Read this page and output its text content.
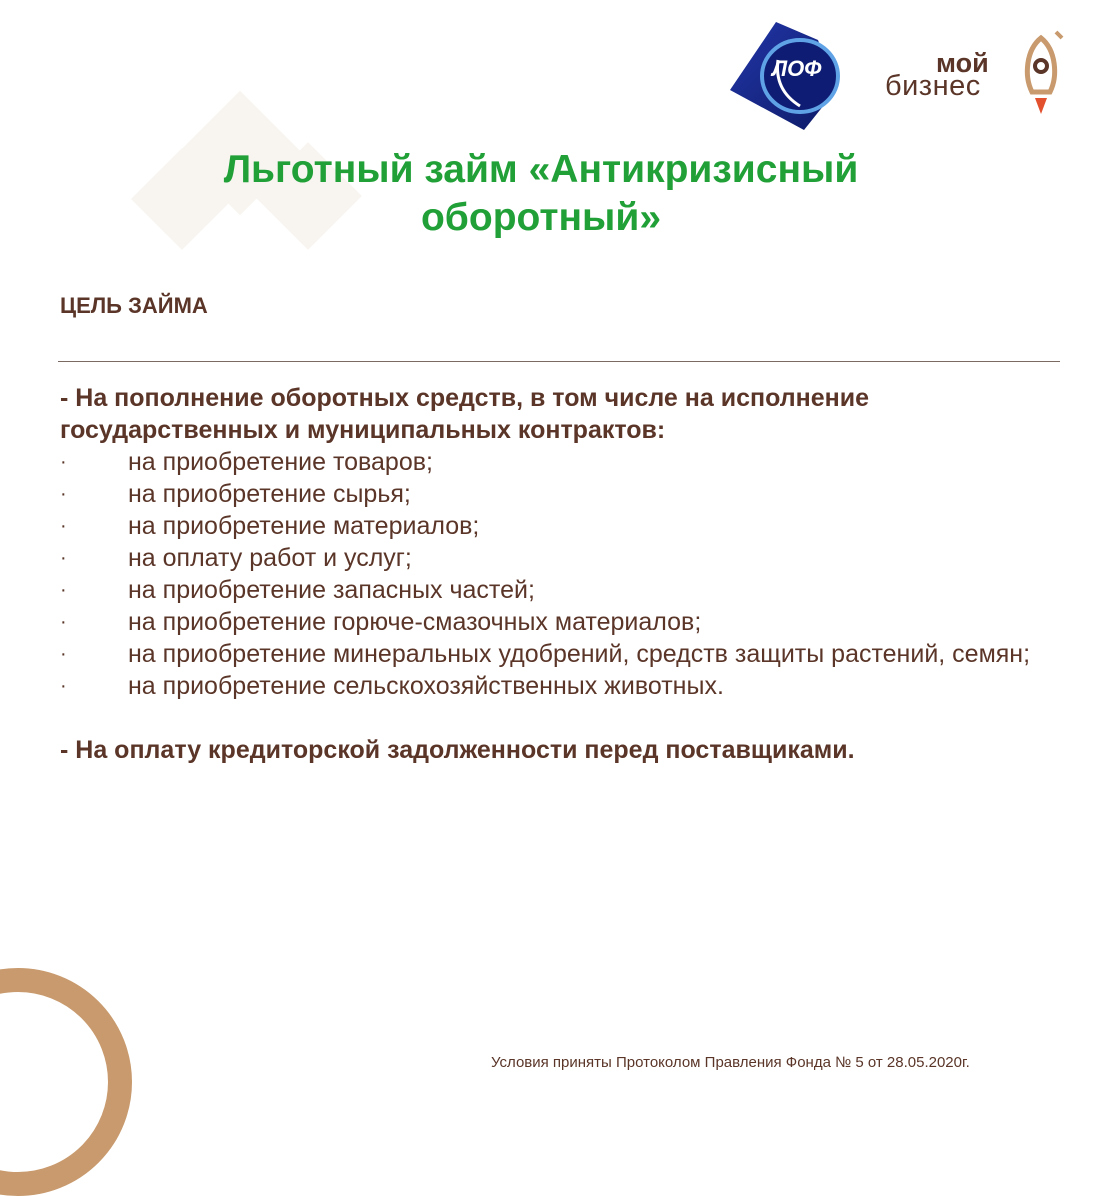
ЛОФ	мой
бизнес
Льготный займ «Антикризисный
оборотный»
ЦЕЛЬ ЗАЙМА

- На пополнение оборотных средств, в том числе на исполнение государственных и муниципальных контрактов:

· на приобретение товаров;
· на приобретение сырья;
· на приобретение материалов;
· на оплату работ и услуг;
· на приобретение запасных частей;
· на приобретение горюче-смазочных материалов;
· на приобретение минеральных удобрений, средств защиты растений, семян;
· на приобретение сельскохозяйственных животных.

- На оплату кредиторской задолженности перед поставщиками.

Условия приняты Протоколом Правления Фонда № 5 от 28.05.2020г.
